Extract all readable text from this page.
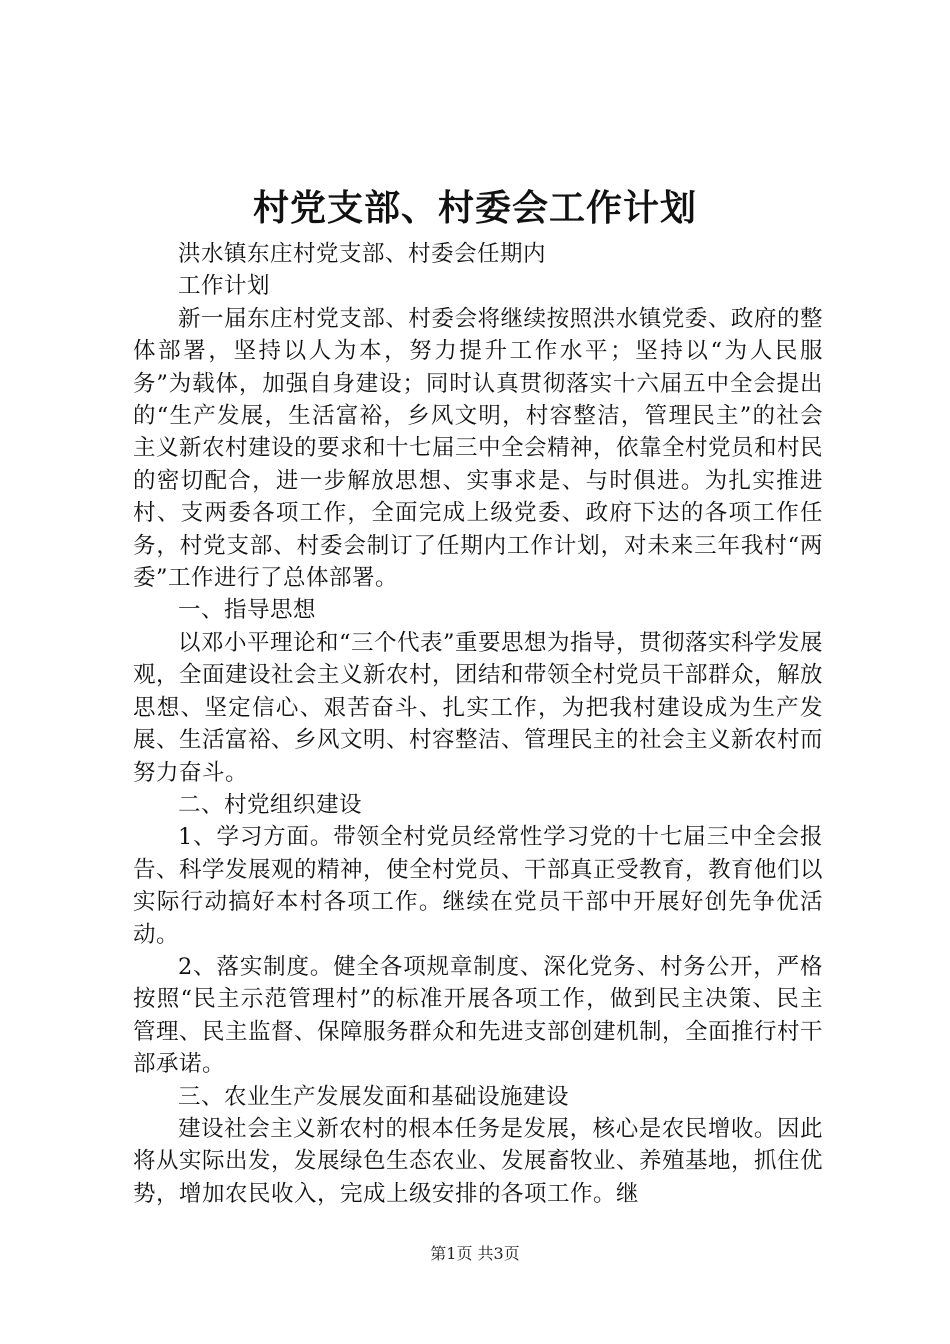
村党支部、村委会工作计划

洪水镇东庄村党支部、村委会任期内

工作计划

新一届东庄村党支部、村委会将继续按照洪水镇党委、政府的整体部署，坚持以人为本，努力提升工作水平；坚持以“为人民服务”为载体，加强自身建设；同时认真贯彻落实十六届五中全会提出的“生产发展，生活富裕，乡风文明，村容整洁，管理民主”的社会主义新农村建设的要求和十七届三中全会精神，依靠全村党员和村民的密切配合，进一步解放思想、实事求是、与时俱进。为扎实推进村、支两委各项工作，全面完成上级党委、政府下达的各项工作任务，村党支部、村委会制订了任期内工作计划，对未来三年我村“两委”工作进行了总体部署。

一、指导思想

以邓小平理论和“三个代表”重要思想为指导，贯彻落实科学发展观，全面建设社会主义新农村，团结和带领全村党员干部群众，解放思想、坚定信心、艰苦奋斗、扎实工作，为把我村建设成为生产发展、生活富裕、乡风文明、村容整洁、管理民主的社会主义新农村而努力奋斗。

二、村党组织建设

1、学习方面。带领全村党员经常性学习党的十七届三中全会报告、科学发展观的精神，使全村党员、干部真正受教育，教育他们以实际行动搞好本村各项工作。继续在党员干部中开展好创先争优活动。

2、落实制度。健全各项规章制度、深化党务、村务公开，严格按照“民主示范管理村”的标准开展各项工作，做到民主决策、民主管理、民主监督、保障服务群众和先进支部创建机制，全面推行村干部承诺。

三、农业生产发展发面和基础设施建设

建设社会主义新农村的根本任务是发展，核心是农民增收。因此将从实际出发，发展绿色生态农业、发展畜牧业、养殖基地，抓住优势，增加农民收入，完成上级安排的各项工作。继

第1页 共3页
